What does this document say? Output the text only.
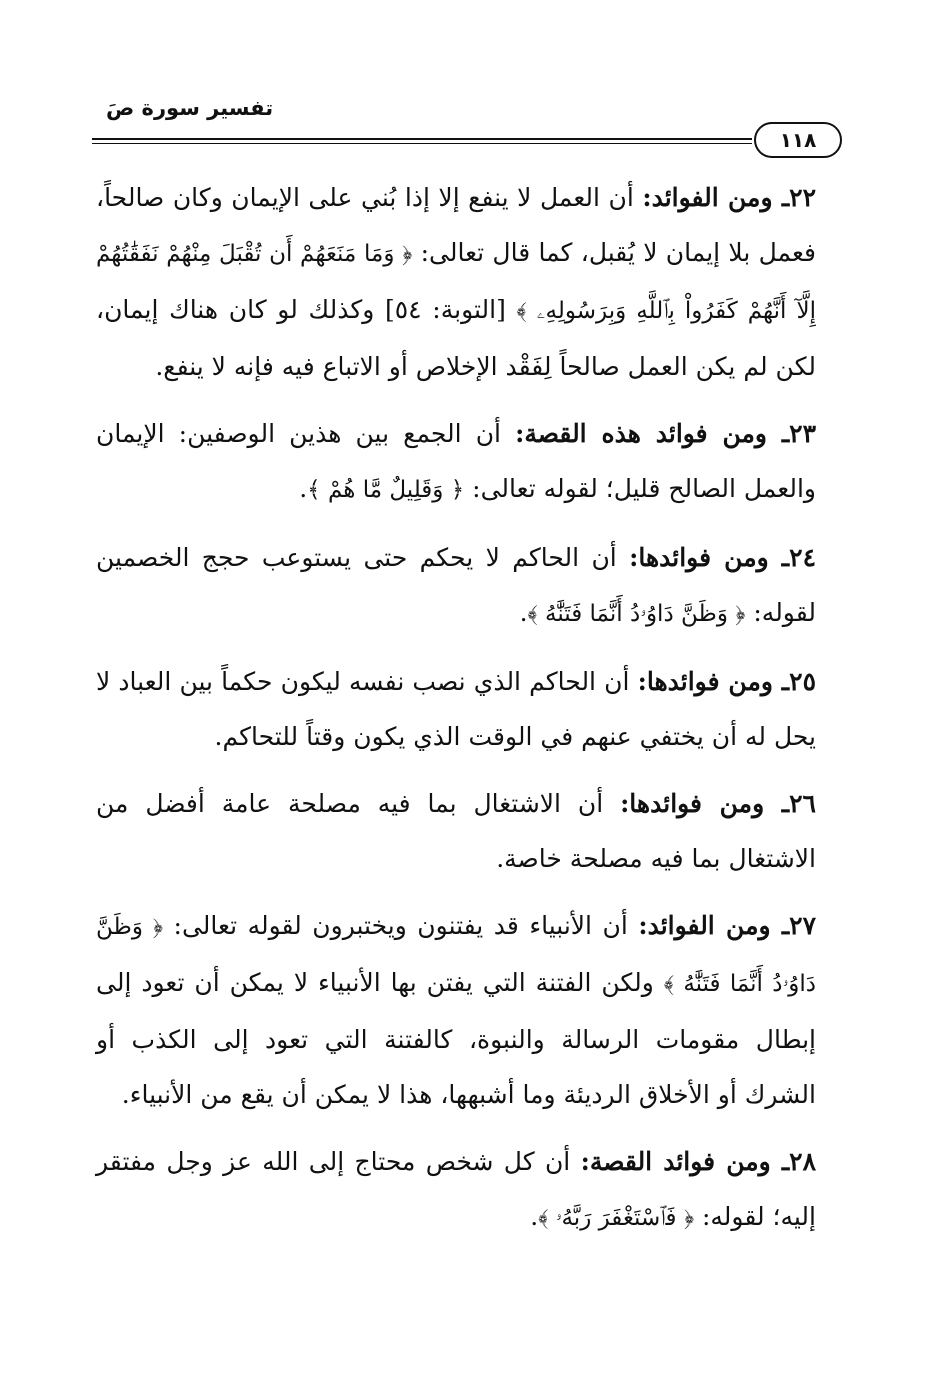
تفسير سورة صَ
١١٨

٢٢ـ ومن الفوائد: أن العمل لا ينفع إلا إذا بُني على الإيمان وكان صالحاً، فعمل بلا إيمان لا يُقبل، كما قال تعالى: ﴿ وَمَا مَنَعَهُمْ أَن تُقْبَلَ مِنْهُمْ نَفَقَٰتُهُمْ إِلَّآ أَنَّهُمْ كَفَرُواْ بِٱللَّهِ وَبِرَسُولِهِۦ ﴾ [التوبة: ٥٤] وكذلك لو كان هناك إيمان، لكن لم يكن العمل صالحاً لِفَقْد الإخلاص أو الاتباع فيه فإنه لا ينفع.

٢٣ـ ومن فوائد هذه القصة: أن الجمع بين هذين الوصفين: الإيمان والعمل الصالح قليل؛ لقوله تعالى: ﴿ وَقَلِيلٌ مَّا هُمْ ﴾.

٢٤ـ ومن فوائدها: أن الحاكم لا يحكم حتى يستوعب حجج الخصمين لقوله: ﴿ وَظَنَّ دَاوُۥدُ أَنَّمَا فَتَنَّٰهُ ﴾.

٢٥ـ ومن فوائدها: أن الحاكم الذي نصب نفسه ليكون حكماً بين العباد لا يحل له أن يختفي عنهم في الوقت الذي يكون وقتاً للتحاكم.

٢٦ـ ومن فوائدها: أن الاشتغال بما فيه مصلحة عامة أفضل من الاشتغال بما فيه مصلحة خاصة.

٢٧ـ ومن الفوائد: أن الأنبياء قد يفتنون ويختبرون لقوله تعالى: ﴿ وَظَنَّ دَاوُۥدُ أَنَّمَا فَتَنَّٰهُ ﴾ ولكن الفتنة التي يفتن بها الأنبياء لا يمكن أن تعود إلى إبطال مقومات الرسالة والنبوة، كالفتنة التي تعود إلى الكذب أو الشرك أو الأخلاق الرديئة وما أشبهها، هذا لا يمكن أن يقع من الأنبياء.

٢٨ـ ومن فوائد القصة: أن كل شخص محتاج إلى الله عز وجل مفتقر إليه؛ لقوله: ﴿ فَٱسْتَغْفَرَ رَبَّهُۥ ﴾.
